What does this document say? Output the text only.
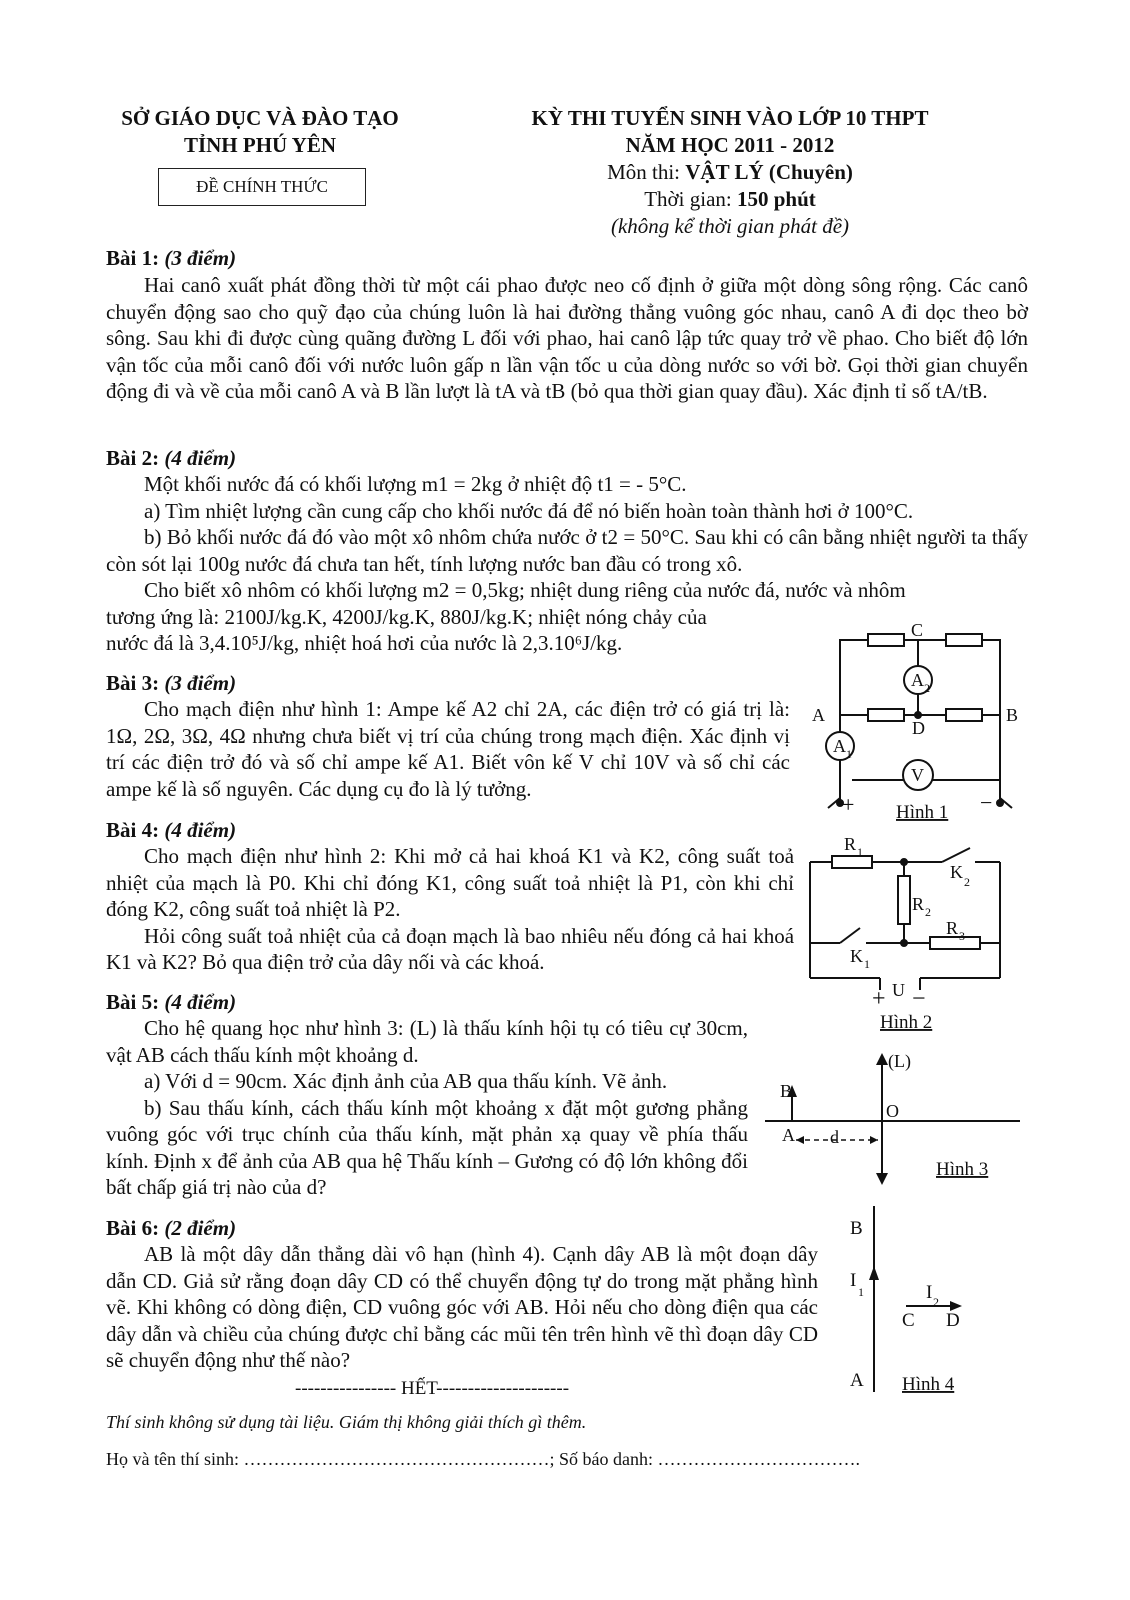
SỞ GIÁO DỤC VÀ ĐÀO TẠO
TỈNH PHÚ YÊN
ĐỀ CHÍNH THỨC
KỲ THI TUYỂN SINH VÀO LỚP 10 THPT
NĂM HỌC 2011 - 2012
Môn thi: VẬT LÝ (Chuyên)
Thời gian: 150 phút
(không kể thời gian phát đề)
Bài 1: (3 điểm)
Hai canô xuất phát đồng thời từ một cái phao được neo cố định ở giữa một dòng sông rộng. Các canô chuyển động sao cho quỹ đạo của chúng luôn là hai đường thẳng vuông góc nhau, canô A đi dọc theo bờ sông. Sau khi đi được cùng quãng đường L đối với phao, hai canô lập tức quay trở về phao. Cho biết độ lớn vận tốc của mỗi canô đối với nước luôn gấp n lần vận tốc u của dòng nước so với bờ. Gọi thời gian chuyển động đi và về của mỗi canô A và B lần lượt là tA và tB (bỏ qua thời gian quay đầu). Xác định tỉ số tA/tB.
Bài 2: (4 điểm)
Một khối nước đá có khối lượng m1 = 2kg ở nhiệt độ t1 = - 5°C.
a) Tìm nhiệt lượng cần cung cấp cho khối nước đá để nó biến hoàn toàn thành hơi ở 100°C.
b) Bỏ khối nước đá đó vào một xô nhôm chứa nước ở t2 = 50°C. Sau khi có cân bằng nhiệt người ta thấy còn sót lại 100g nước đá chưa tan hết, tính lượng nước ban đầu có trong xô.
Cho biết xô nhôm có khối lượng m2 = 0,5kg; nhiệt dung riêng của nước đá, nước và nhôm
tương ứng là: 2100J/kg.K, 4200J/kg.K, 880J/kg.K; nhiệt nóng chảy của
nước đá là 3,4.10⁵J/kg, nhiệt hoá hơi của nước là 2,3.10⁶J/kg.
Bài 3: (3 điểm)
Cho mạch điện như hình 1: Ampe kế A2 chỉ 2A, các điện trở có giá trị là: 1Ω, 2Ω, 3Ω, 4Ω nhưng chưa biết vị trí của chúng trong mạch điện. Xác định vị trí các điện trở đó và số chỉ ampe kế A1. Biết vôn kế V chỉ 10V và số chỉ các ampe kế là số nguyên. Các dụng cụ đo là lý tưởng.
Bài 4: (4 điểm)
Cho mạch điện như hình 2: Khi mở cả hai khoá K1 và K2, công suất toả nhiệt của mạch là P0. Khi chỉ đóng K1, công suất toả nhiệt là P1, còn khi chỉ đóng K2, công suất toả nhiệt là P2.
Hỏi công suất toả nhiệt của cả đoạn mạch là bao nhiêu nếu đóng cả hai khoá K1 và K2? Bỏ qua điện trở của dây nối và các khoá.
Bài 5: (4 điểm)
Cho hệ quang học như hình 3: (L) là thấu kính hội tụ có tiêu cự 30cm, vật AB cách thấu kính một khoảng d.
a) Với d = 90cm. Xác định ảnh của AB qua thấu kính. Vẽ ảnh.
b) Sau thấu kính, cách thấu kính một khoảng x đặt một gương phẳng vuông góc với trục chính của thấu kính, mặt phản xạ quay về phía thấu kính. Định x để ảnh của AB qua hệ Thấu kính – Gương có độ lớn không đổi bất chấp giá trị nào của d?
Bài 6: (2 điểm)
AB là một dây dẫn thẳng dài vô hạn (hình 4). Cạnh dây AB là một đoạn dây dẫn CD. Giả sử rằng đoạn dây CD có thể chuyển động tự do trong mặt phẳng hình vẽ. Khi không có dòng điện, CD vuông góc với AB. Hỏi nếu cho dòng điện qua các dây dẫn và chiều của chúng được chỉ bằng các mũi tên trên hình vẽ thì đoạn dây CD sẽ chuyển động như thế nào?
---------------- HẾT---------------------
Thí sinh không sử dụng tài liệu. Giám thị không giải thích gì thêm.
Họ và tên thí sinh: ……………………………………………; Số báo danh: …………………………….
C
A	B
D
A 2
A 1
V
+	−
Hình 1
R 1
R 2
R 3
K 1
K 2
+ U −
Hình 2
(L)
B
A
O
d
Hình 3
B
A
I
1	I 2
C D
Hình 4
